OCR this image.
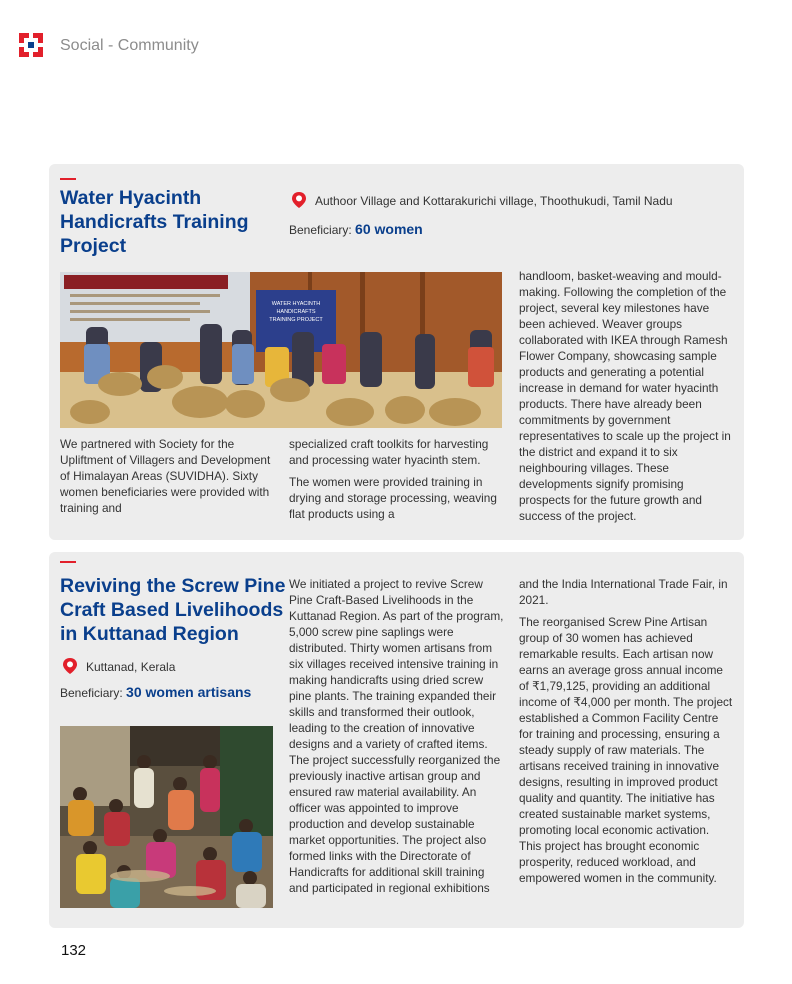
Social - Community
Water Hyacinth
Handicrafts Training
Project
Authoor Village and Kottarakurichi village, Thoothukudi, Tamil Nadu
Beneficiary: 60 women
WATER HYACINTH
HANDICRAFTS
TRAINING PROJECT

We partnered with Society for the Upliftment of Villagers and Development of Himalayan Areas (SUVIDHA). Sixty women beneficiaries were provided with training and

specialized craft toolkits for harvesting and processing water hyacinth stem.

The women were provided training in drying and storage processing, weaving flat products using a

handloom, basket-weaving and mould-making. Following the completion of the project, several key milestones have been achieved. Weaver groups collaborated with IKEA through Ramesh Flower Company, showcasing sample products and generating a potential increase in demand for water hyacinth products. There have already been commitments by government representatives to scale up the project in the district and expand it to six neighbouring villages. These developments signify promising prospects for the future growth and success of the project.

Reviving the Screw Pine
Craft Based Livelihoods
in Kuttanad Region
Kuttanad, Kerala
Beneficiary: 30 women artisans

We initiated a project to revive Screw Pine Craft-Based Livelihoods in the Kuttanad Region. As part of the program, 5,000 screw pine saplings were distributed. Thirty women artisans from six villages received intensive training in making handicrafts using dried screw pine plants. The training expanded their skills and transformed their outlook, leading to the creation of innovative designs and a variety of crafted items. The project successfully reorganized the previously inactive artisan group and ensured raw material availability. An officer was appointed to improve production and develop sustainable market opportunities. The project also formed links with the Directorate of Handicrafts for additional skill training and participated in regional exhibitions

and the India International Trade Fair, in 2021.

The reorganised Screw Pine Artisan group of 30 women has achieved remarkable results. Each artisan now earns an average gross annual income of ₹1,79,125, providing an additional income of ₹4,000 per month. The project established a Common Facility Centre for training and processing, ensuring a steady supply of raw materials. The artisans received training in innovative designs, resulting in improved product quality and quantity. The initiative has created sustainable market systems, promoting local economic activation. This project has brought economic prosperity, reduced workload, and empowered women in the community.

132
